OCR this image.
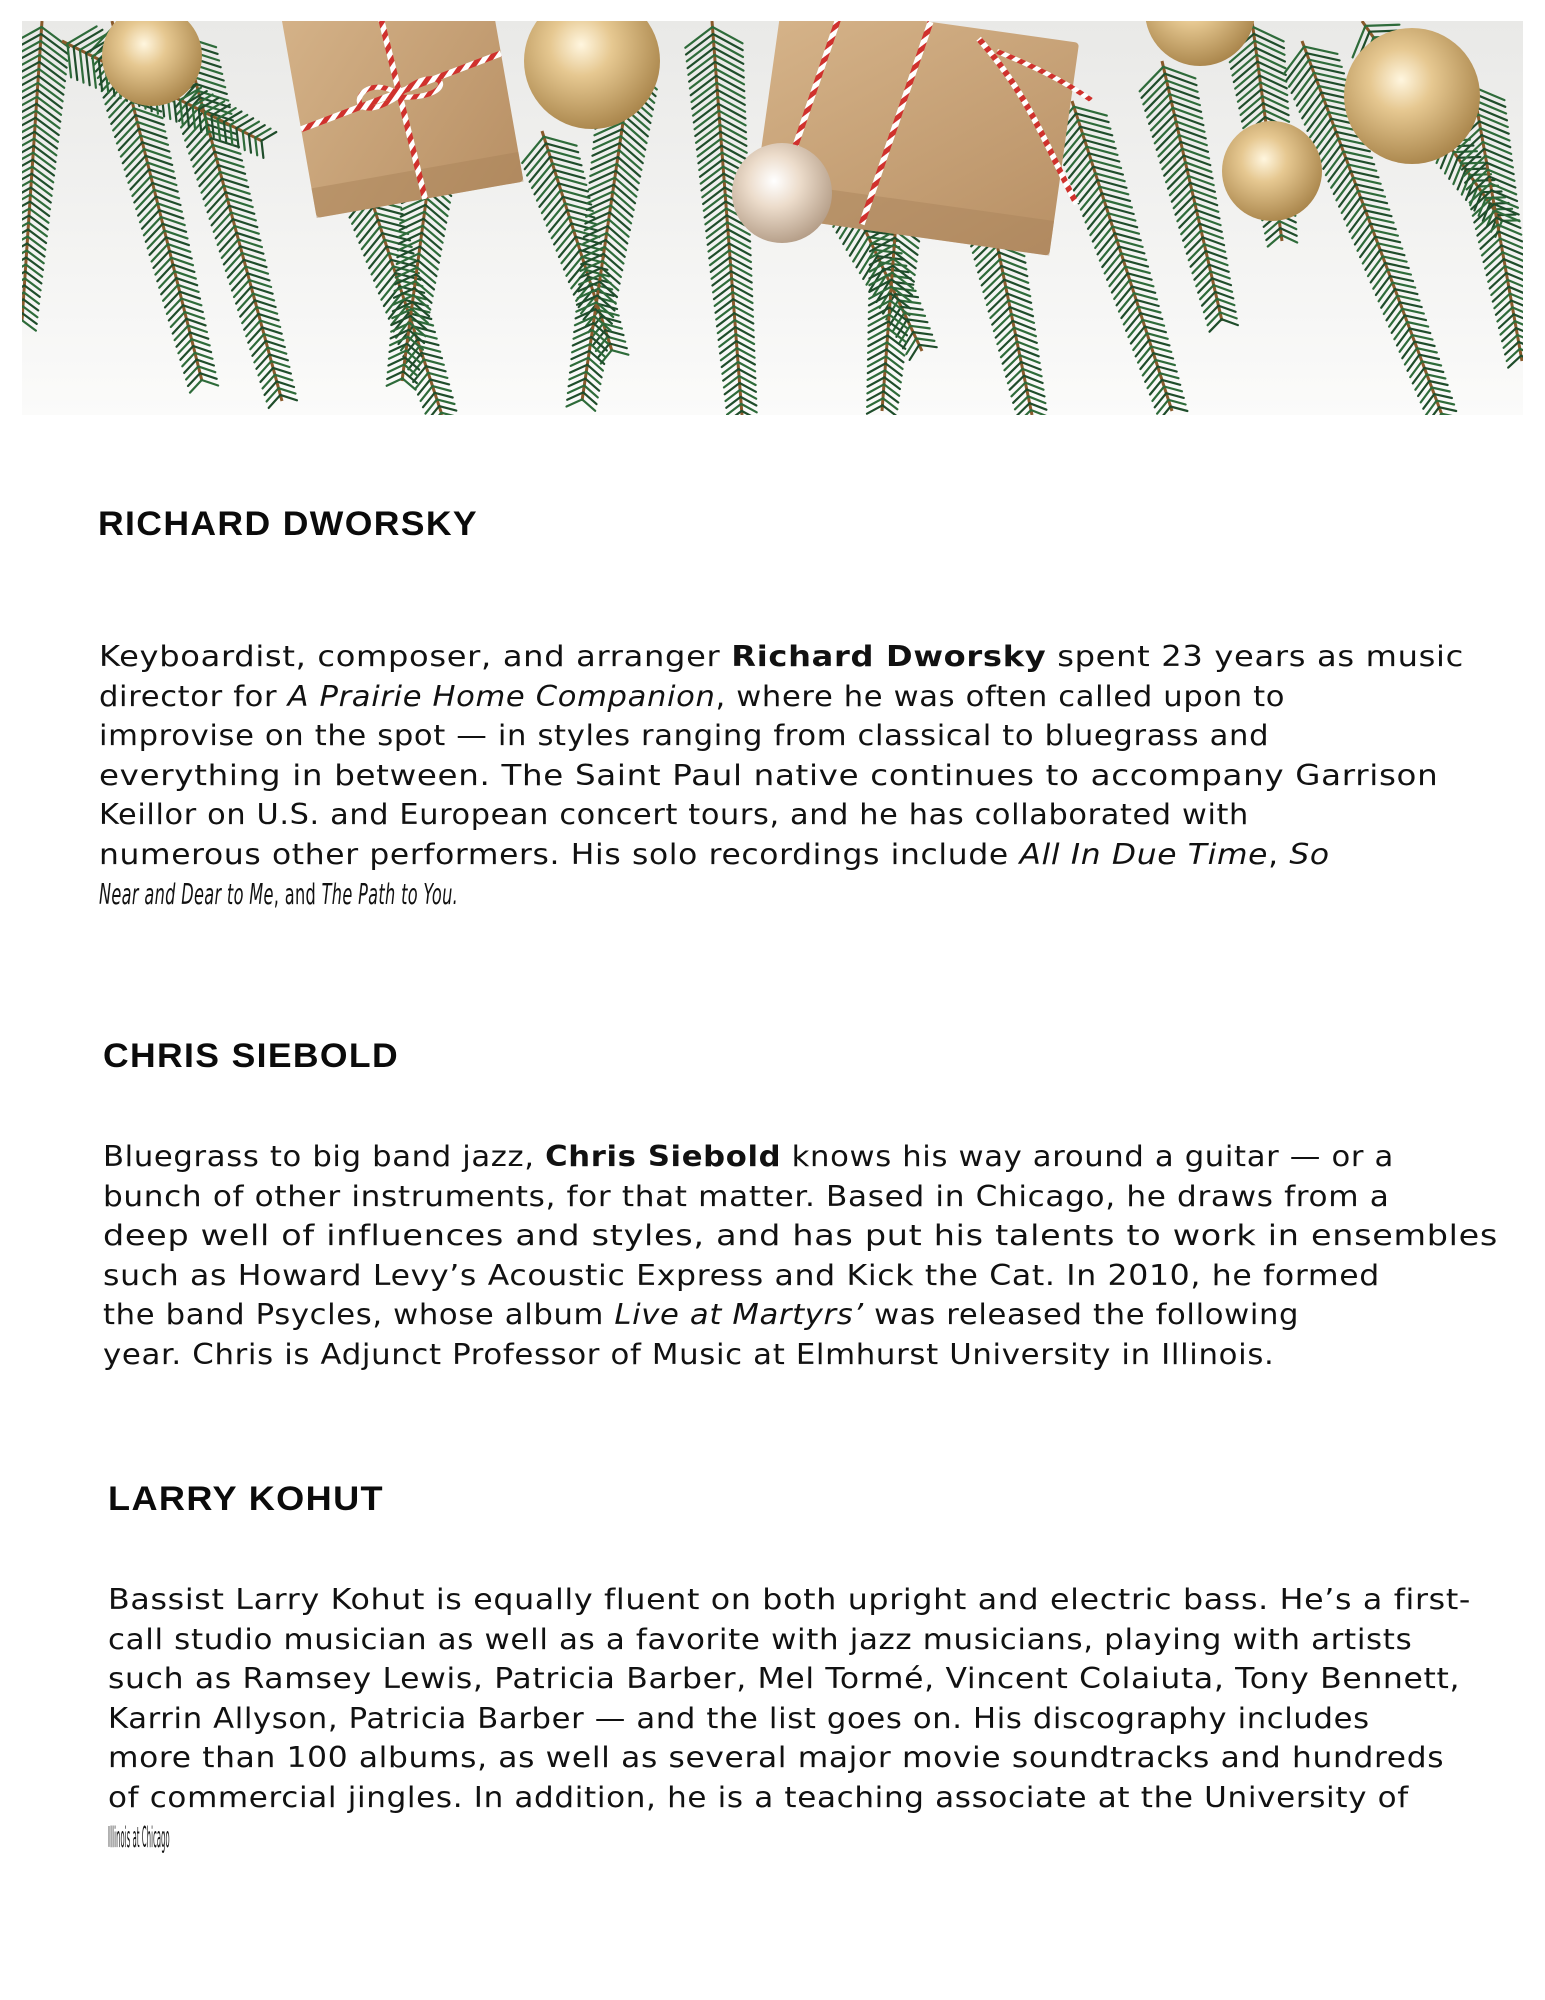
RICHARD DWORSKY
Keyboardist, composer, and arranger Richard Dworsky spent 23 years as music
director for A Prairie Home Companion, where he was often called upon to
improvise on the spot — in styles ranging from classical to bluegrass and
everything in between. The Saint Paul native continues to accompany Garrison
Keillor on U.S. and European concert tours, and he has collaborated with
numerous other performers. His solo recordings include All In Due Time, So
Near and Dear to Me, and The Path to You.
CHRIS SIEBOLD
Bluegrass to big band jazz, Chris Siebold knows his way around a guitar — or a
bunch of other instruments, for that matter. Based in Chicago, he draws from a
deep well of influences and styles, and has put his talents to work in ensembles
such as Howard Levy’s Acoustic Express and Kick the Cat. In 2010, he formed
the band Psycles, whose album Live at Martyrs’ was released the following
year. Chris is Adjunct Professor of Music at Elmhurst University in Illinois.
LARRY KOHUT
Bassist Larry Kohut is equally fluent on both upright and electric bass. He’s a first-
call studio musician as well as a favorite with jazz musicians, playing with artists
such as Ramsey Lewis, Patricia Barber, Mel Tormé, Vincent Colaiuta, Tony Bennett,
Karrin Allyson, Patricia Barber — and the list goes on. His discography includes
more than 100 albums, as well as several major movie soundtracks and hundreds
of commercial jingles. In addition, he is a teaching associate at the University of
Illinois at Chicago
